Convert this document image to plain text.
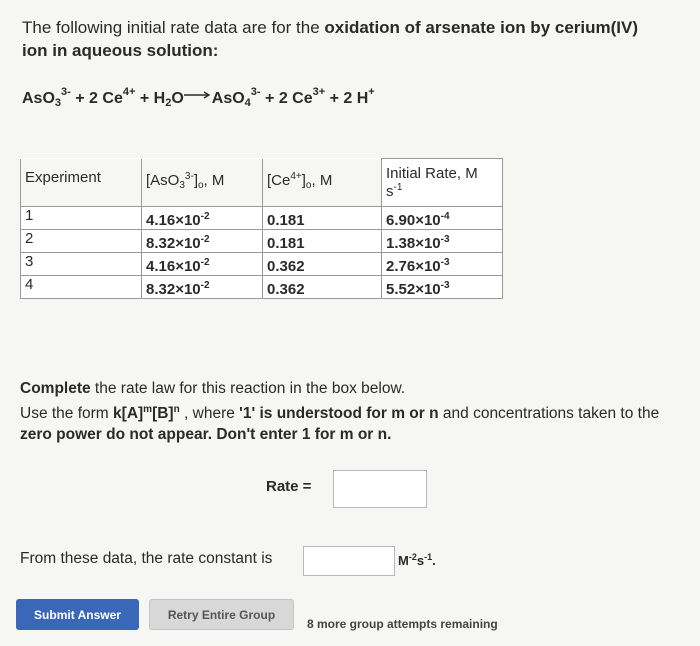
The following initial rate data are for the oxidation of arsenate ion by cerium(IV)
ion in aqueous solution:
AsO$_3^{3-}$ + 2 $Ce^{4+} + H_2O\to AsO_4^{3-} + 2$ $Ce^{3+} + 2$ H+
Experiment	$[AsO_3^{3-}]_o$, M	$[Ce^{4+}]_o$, M	Initial Rate, M
$s^{-1}$
1	$4.16\times 10^{-2}$	0.181	$6.90\times 10^{-4}$
2	$8.32\times 10^{-2}$	0.181	$1.38\times 10^{-3}$
3	$4.16\times 10^{-2}$	0.362	$2.76\times 10^{-3}$
4	$8.32\times 10^{-2}$	0.362	$5.52\times 10^{-3}$
Complete the rate law for this reaction in the box below.
Use the form $k[A]^m[B]^n$ , where '1' is understood for m or n and concentrations taken to the zero power do not appear. Don't enter 1 for m or n.
Rate =
From these data, the rate constant is	$M^{-2}s^{-1}$.
Submit Answer	Retry Entire Group
8 more group attempts remaining
